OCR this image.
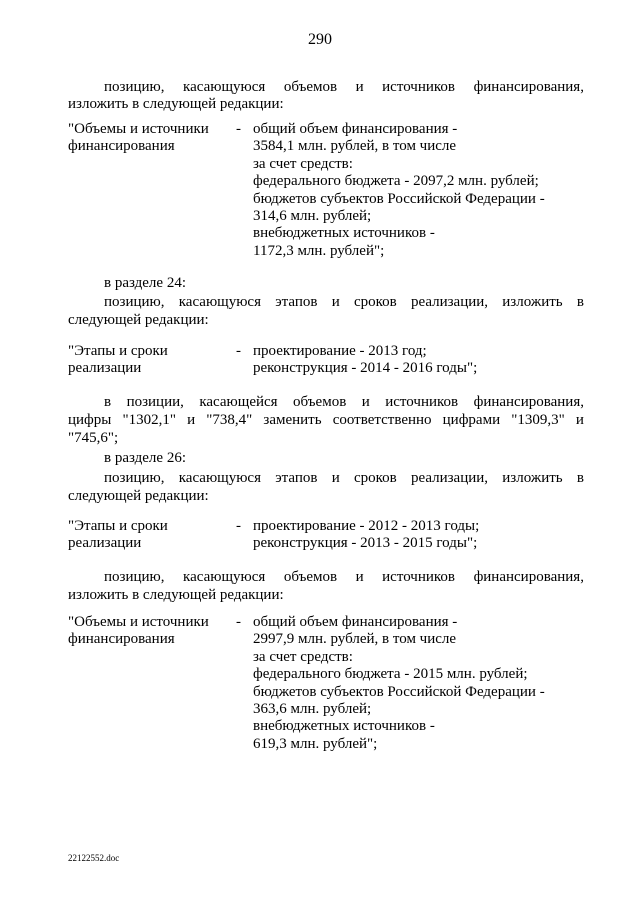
290
позицию, касающуюся объемов и источников финансирования,
изложить в следующей редакции:
"Объемы и источники
финансирования
- общий объем финансирования -
3584,1 млн. рублей, в том числе
за счет средств:
федерального бюджета - 2097,2 млн. рублей;
бюджетов субъектов Российской Федерации -
314,6 млн. рублей;
внебюджетных источников -
1172,3 млн. рублей";
в разделе 24:
позицию, касающуюся этапов и сроков реализации, изложить в
следующей редакции:
"Этапы и сроки
реализации
- проектирование - 2013 год;
реконструкция - 2014 - 2016 годы";
в позиции, касающейся объемов и источников финансирования,
цифры "1302,1" и "738,4" заменить соответственно цифрами "1309,3" и
"745,6";
в разделе 26:
позицию, касающуюся этапов и сроков реализации, изложить в
следующей редакции:
"Этапы и сроки
реализации
- проектирование - 2012 - 2013 годы;
реконструкция - 2013 - 2015 годы";
позицию, касающуюся объемов и источников финансирования,
изложить в следующей редакции:
"Объемы и источники
финансирования
- общий объем финансирования -
2997,9 млн. рублей, в том числе
за счет средств:
федерального бюджета - 2015 млн. рублей;
бюджетов субъектов Российской Федерации -
363,6 млн. рублей;
внебюджетных источников -
619,3 млн. рублей";
22122552.doc
